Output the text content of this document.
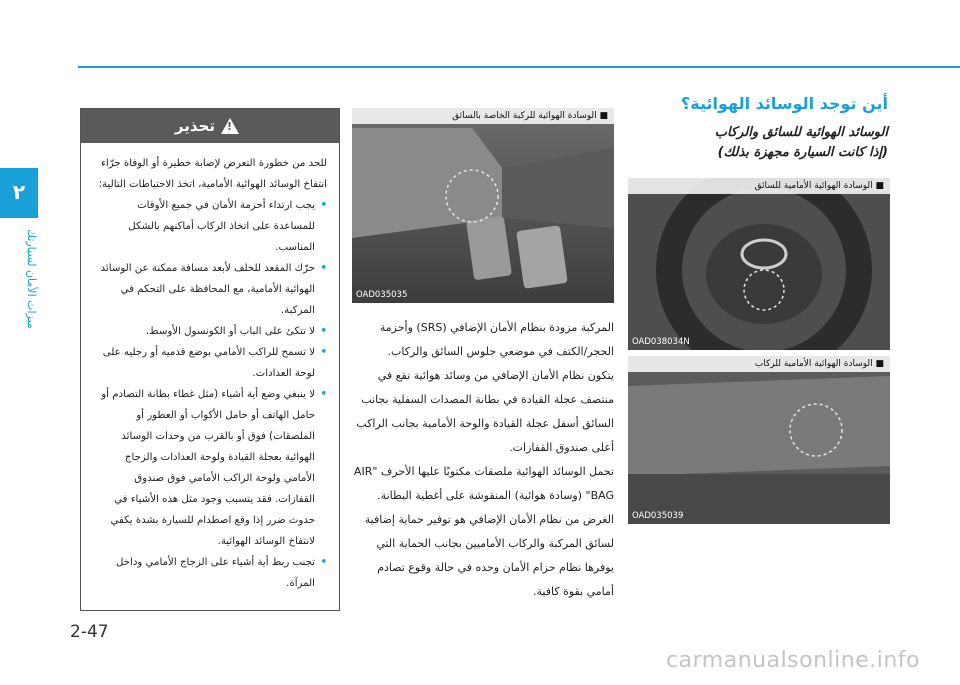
٢
ميزات الأمان لسيارتك
تحذير
!

للحد من خطورة التعرض لإصابة خطيرة أو الوفاة جرّاء انتفاخ الوسائد الهوائية الأمامية، اتخذ الاحتياطات التالية:

• يجب ارتداء أحزمة الأمان في جميع الأوقات للمساعدة على اتخاذ الركاب أماكنهم بالشكل المناسب.
• حرّك المقعد للخلف لأبعد مسافة ممكنة عن الوسائد الهوائية الأمامية، مع المحافظة على التحكم في المركبة.
• لا تتكئ على الباب أو الكونسول الأوسط.
• لا تسمح للراكب الأمامي بوضع قدميه أو رجليه على لوحة العدادات.
• لا ينبغي وضع أية أشياء (مثل غطاء بطانة التصادم أو حامل الهاتف أو حامل الأكواب أو العطور أو الملصقات) فوق أو بالقرب من وحدات الوسائد الهوائية بعجلة القيادة ولوحة العدادات والزجاج الأمامي ولوحة الراكب الأمامي فوق صندوق القفازات. فقد يتسبب وجود مثل هذه الأشياء في حدوث ضرر إذا وقع اصطدام للسيارة بشدة يكفي لانتفاخ الوسائد الهوائية.
• تجنب ربط أية أشياء على الزجاج الأمامي وداخل المرآة.
■ الوسادة الهوائية للركبة الخاصة بالسائق
OAD035035

المركبة مزودة بنظام الأمان الإضافي (SRS) وأحزمة الحجر/الكتف في موضعي جلوس السائق والركاب.

يتكون نظام الأمان الإضافي من وسائد هوائية تقع في منتصف عجلة القيادة في بطانة المصدات السفلية بجانب السائق أسفل عجلة القيادة والوحة الأمامية بجانب الراكب أعلى صندوق القفازات.

تحمل الوسائد الهوائية ملصقات مكتوبًا عليها الأحرف "AIR BAG" (وسادة هوائية) المنقوشة على أغطية البطانة.

الغرض من نظام الأمان الإضافي هو توفير حماية إضافية لسائق المركبة والركاب الأماميين بجانب الحماية التي يوفرها نظام حزام الأمان وحده في حالة وقوع تصادم أمامي بقوة كافية.

أين توجد الوسائد الهوائية؟
الوسائد الهوائية للسائق والركاب
(إذا كانت السيارة مجهزة بذلك)
■ الوسادة الهوائية الأمامية للسائق
OAD038034N
■ الوسادة الهوائية الأمامية للركاب
OAD035039
2-47
carmanualsonline.info
